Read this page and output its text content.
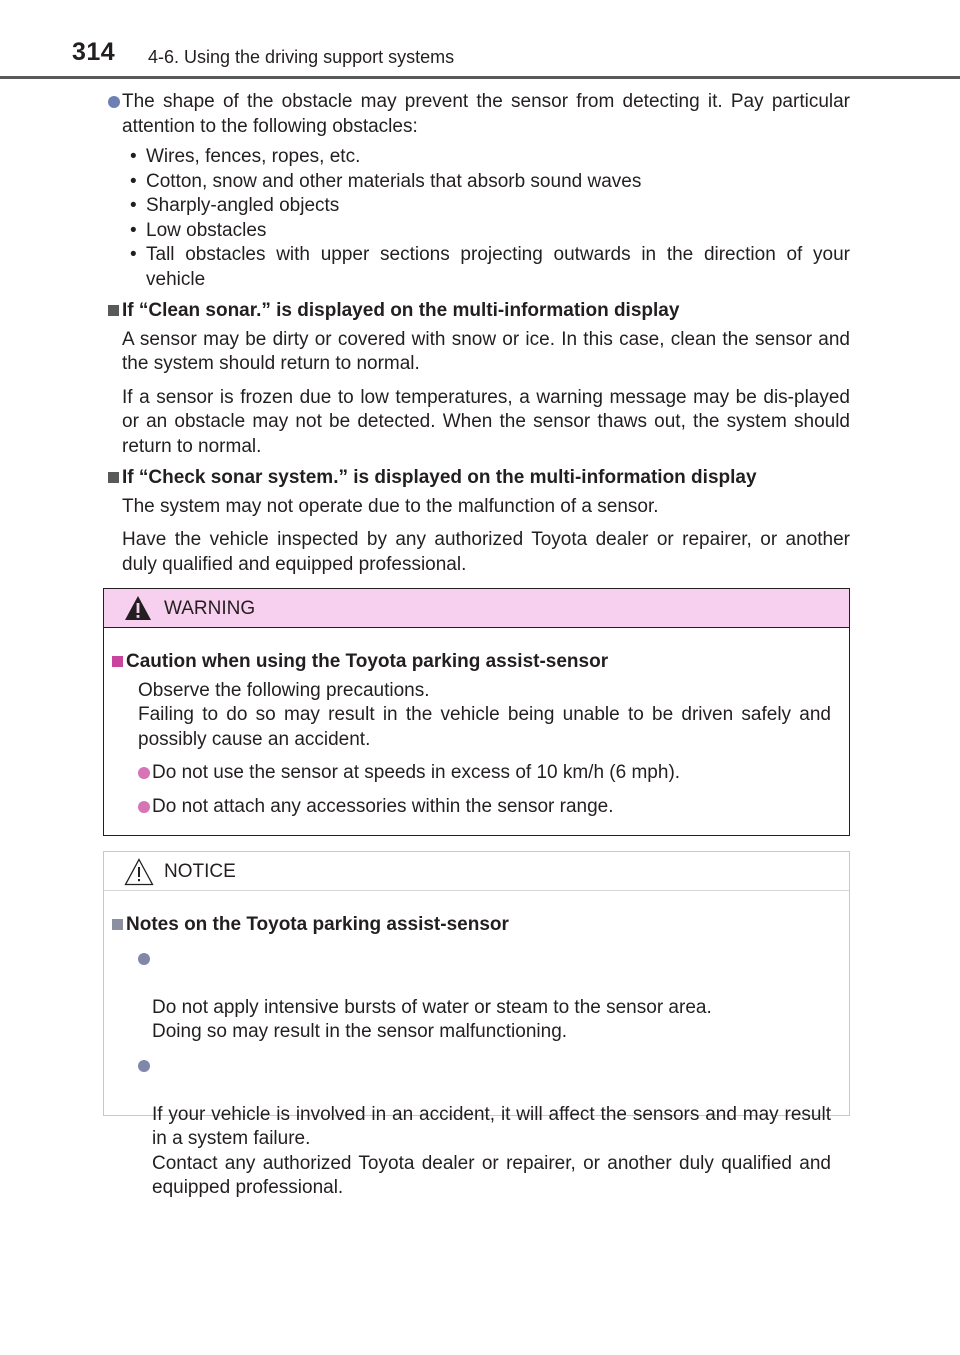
314 4-6. Using the driving support systems
The shape of the obstacle may prevent the sensor from detecting it. Pay particular attention to the following obstacles:
• Wires, fences, ropes, etc.
• Cotton, snow and other materials that absorb sound waves
• Sharply-angled objects
• Low obstacles
• Tall obstacles with upper sections projecting outwards in the direction of your vehicle
If “Clean sonar.” is displayed on the multi-information display
A sensor may be dirty or covered with snow or ice. In this case, clean the sensor and the system should return to normal.
If a sensor is frozen due to low temperatures, a warning message may be dis-played or an obstacle may not be detected. When the sensor thaws out, the system should return to normal.
If “Check sonar system.” is displayed on the multi-information display
The system may not operate due to the malfunction of a sensor.
Have the vehicle inspected by any authorized Toyota dealer or repairer, or another duly qualified and equipped professional.
WARNING
Caution when using the Toyota parking assist-sensor
Observe the following precautions.
Failing to do so may result in the vehicle being unable to be driven safely and possibly cause an accident.
Do not use the sensor at speeds in excess of 10 km/h (6 mph).
Do not attach any accessories within the sensor range.
NOTICE
Notes on the Toyota parking assist-sensor

Do not apply intensive bursts of water or steam to the sensor area.
Doing so may result in the sensor malfunctioning.

If your vehicle is involved in an accident, it will affect the sensors and may result in a system failure.
Contact any authorized Toyota dealer or repairer, or another duly qualified and equipped professional.
